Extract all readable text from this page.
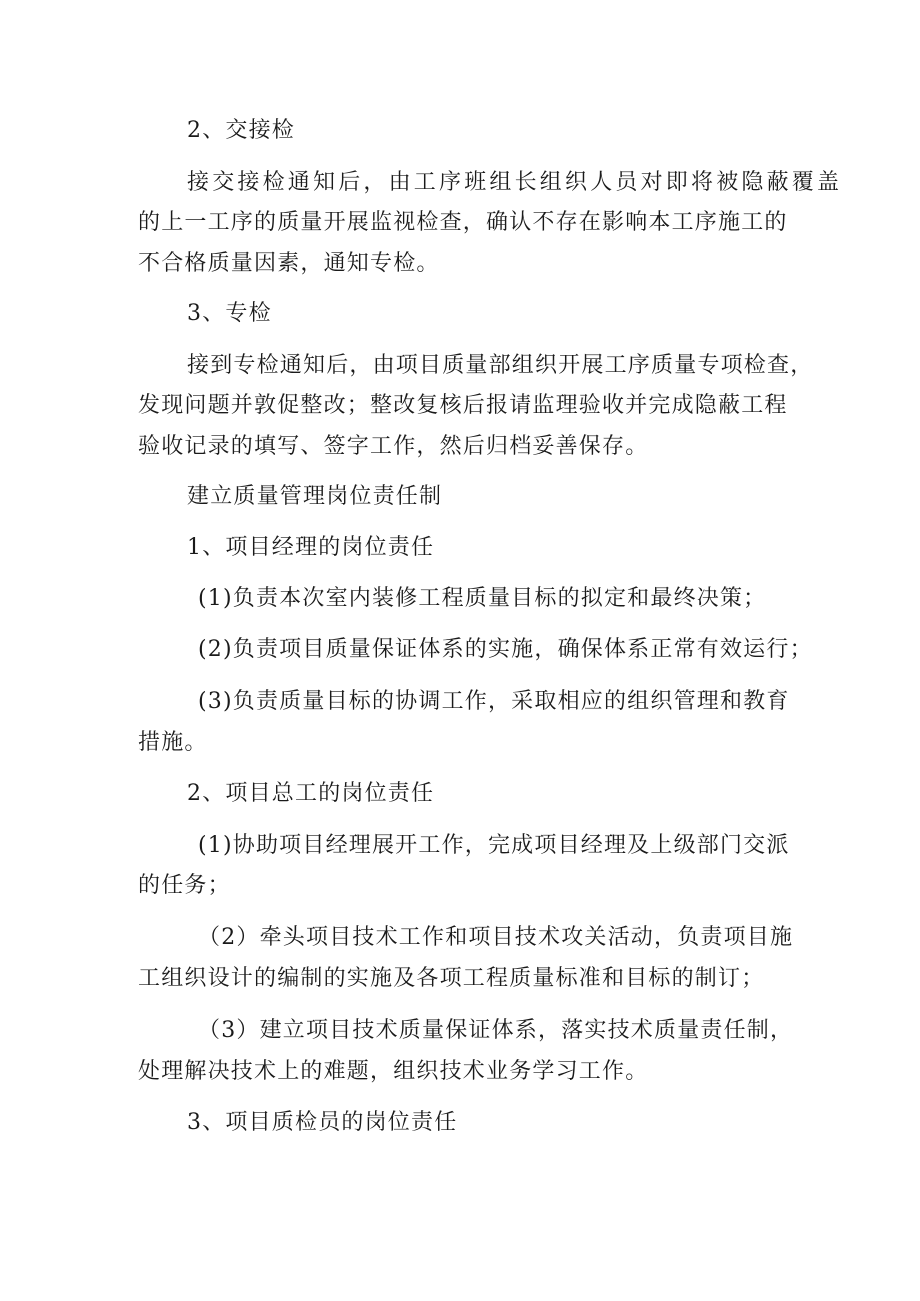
2、交接检
接交接检通知后，由工序班组长组织人员对即将被隐蔽覆盖
的上一工序的质量开展监视检查，确认不存在影响本工序施工的
不合格质量因素，通知专检。
3、专检
接到专检通知后，由项目质量部组织开展工序质量专项检查，
发现问题并敦促整改；整改复核后报请监理验收并完成隐蔽工程
验收记录的填写、签字工作，然后归档妥善保存。
建立质量管理岗位责任制
1、项目经理的岗位责任
(1)负责本次室内装修工程质量目标的拟定和最终决策；
(2)负责项目质量保证体系的实施，确保体系正常有效运行；
(3)负责质量目标的协调工作，采取相应的组织管理和教育
措施。
2、项目总工的岗位责任
(1)协助项目经理展开工作，完成项目经理及上级部门交派
的任务；
（2）牵头项目技术工作和项目技术攻关活动，负责项目施
工组织设计的编制的实施及各项工程质量标准和目标的制订；
（3）建立项目技术质量保证体系，落实技术质量责任制，
处理解决技术上的难题，组织技术业务学习工作。
3、项目质检员的岗位责任
